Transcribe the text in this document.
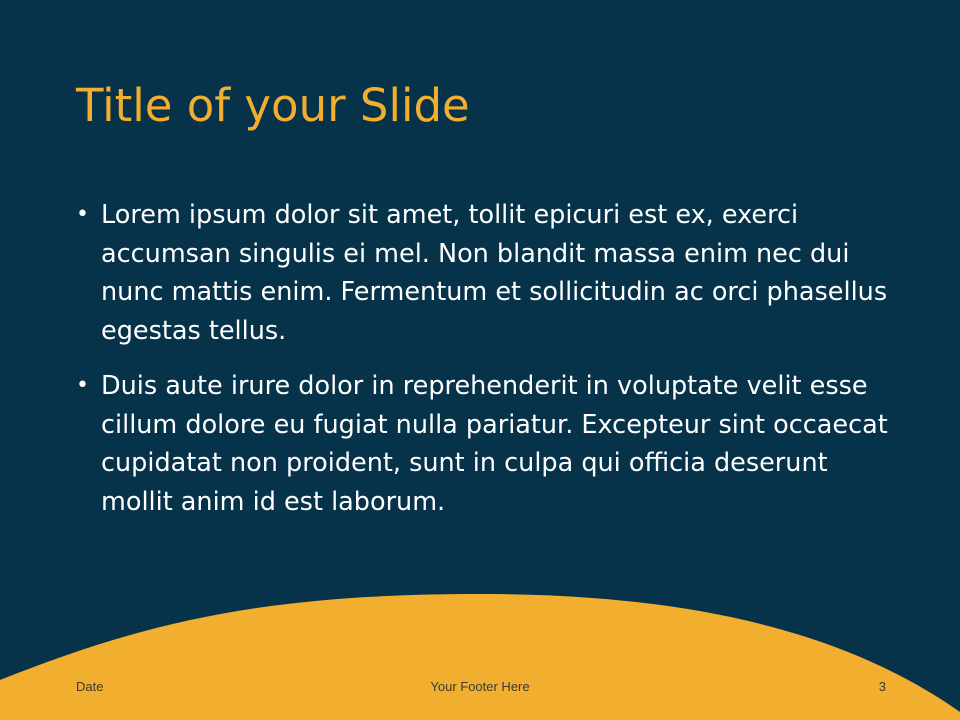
Title of your Slide
• Lorem ipsum dolor sit amet, tollit epicuri est ex, exerci accumsan singulis ei mel. Non blandit massa enim nec dui nunc mattis enim. Fermentum et sollicitudin ac orci phasellus egestas tellus.
• Duis aute irure dolor in reprehenderit in voluptate velit esse cillum dolore eu fugiat nulla pariatur. Excepteur sint occaecat cupidatat non proident, sunt in culpa qui officia deserunt mollit anim id est laborum.
Date	Your Footer Here	3
